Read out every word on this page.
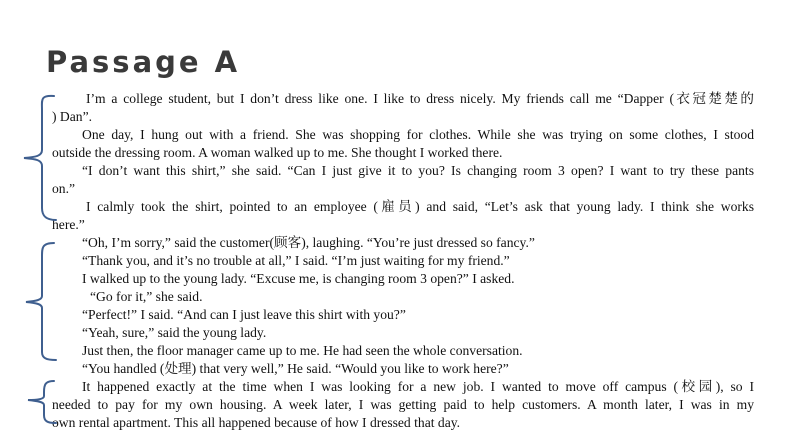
Passage A
I’m a college student, but I don’t dress like one. I like to dress nicely. My friends call me “Dapper (衣冠楚楚的
) Dan”.
One day, I hung out with a friend. She was shopping for clothes. While she was trying on some clothes, I stood
outside the dressing room. A woman walked up to me. She thought I worked there.
“I don’t want this shirt,” she said. “Can I just give it to you? Is changing room 3 open? I want to try these pants
on.”
I calmly took the shirt, pointed to an employee (雇员) and said, “Let’s ask that young lady. I think she works
here.”
“Oh, I’m sorry,” said the customer(顾客), laughing. “You’re just dressed so fancy.”
“Thank you, and it’s no trouble at all,” I said. “I’m just waiting for my friend.”
I walked up to the young lady. “Excuse me, is changing room 3 open?” I asked.
“Go for it,” she said.
“Perfect!” I said. “And can I just leave this shirt with you?”
“Yeah, sure,” said the young lady.
Just then, the floor manager came up to me. He had seen the whole conversation.
“You handled (处理) that very well,” He said. “Would you like to work here?”
It happened exactly at the time when I was looking for a new job. I wanted to move off campus (校园), so I
needed to pay for my own housing. A week later, I was getting paid to help customers. A month later, I was in my
own rental apartment. This all happened because of how I dressed that day.
